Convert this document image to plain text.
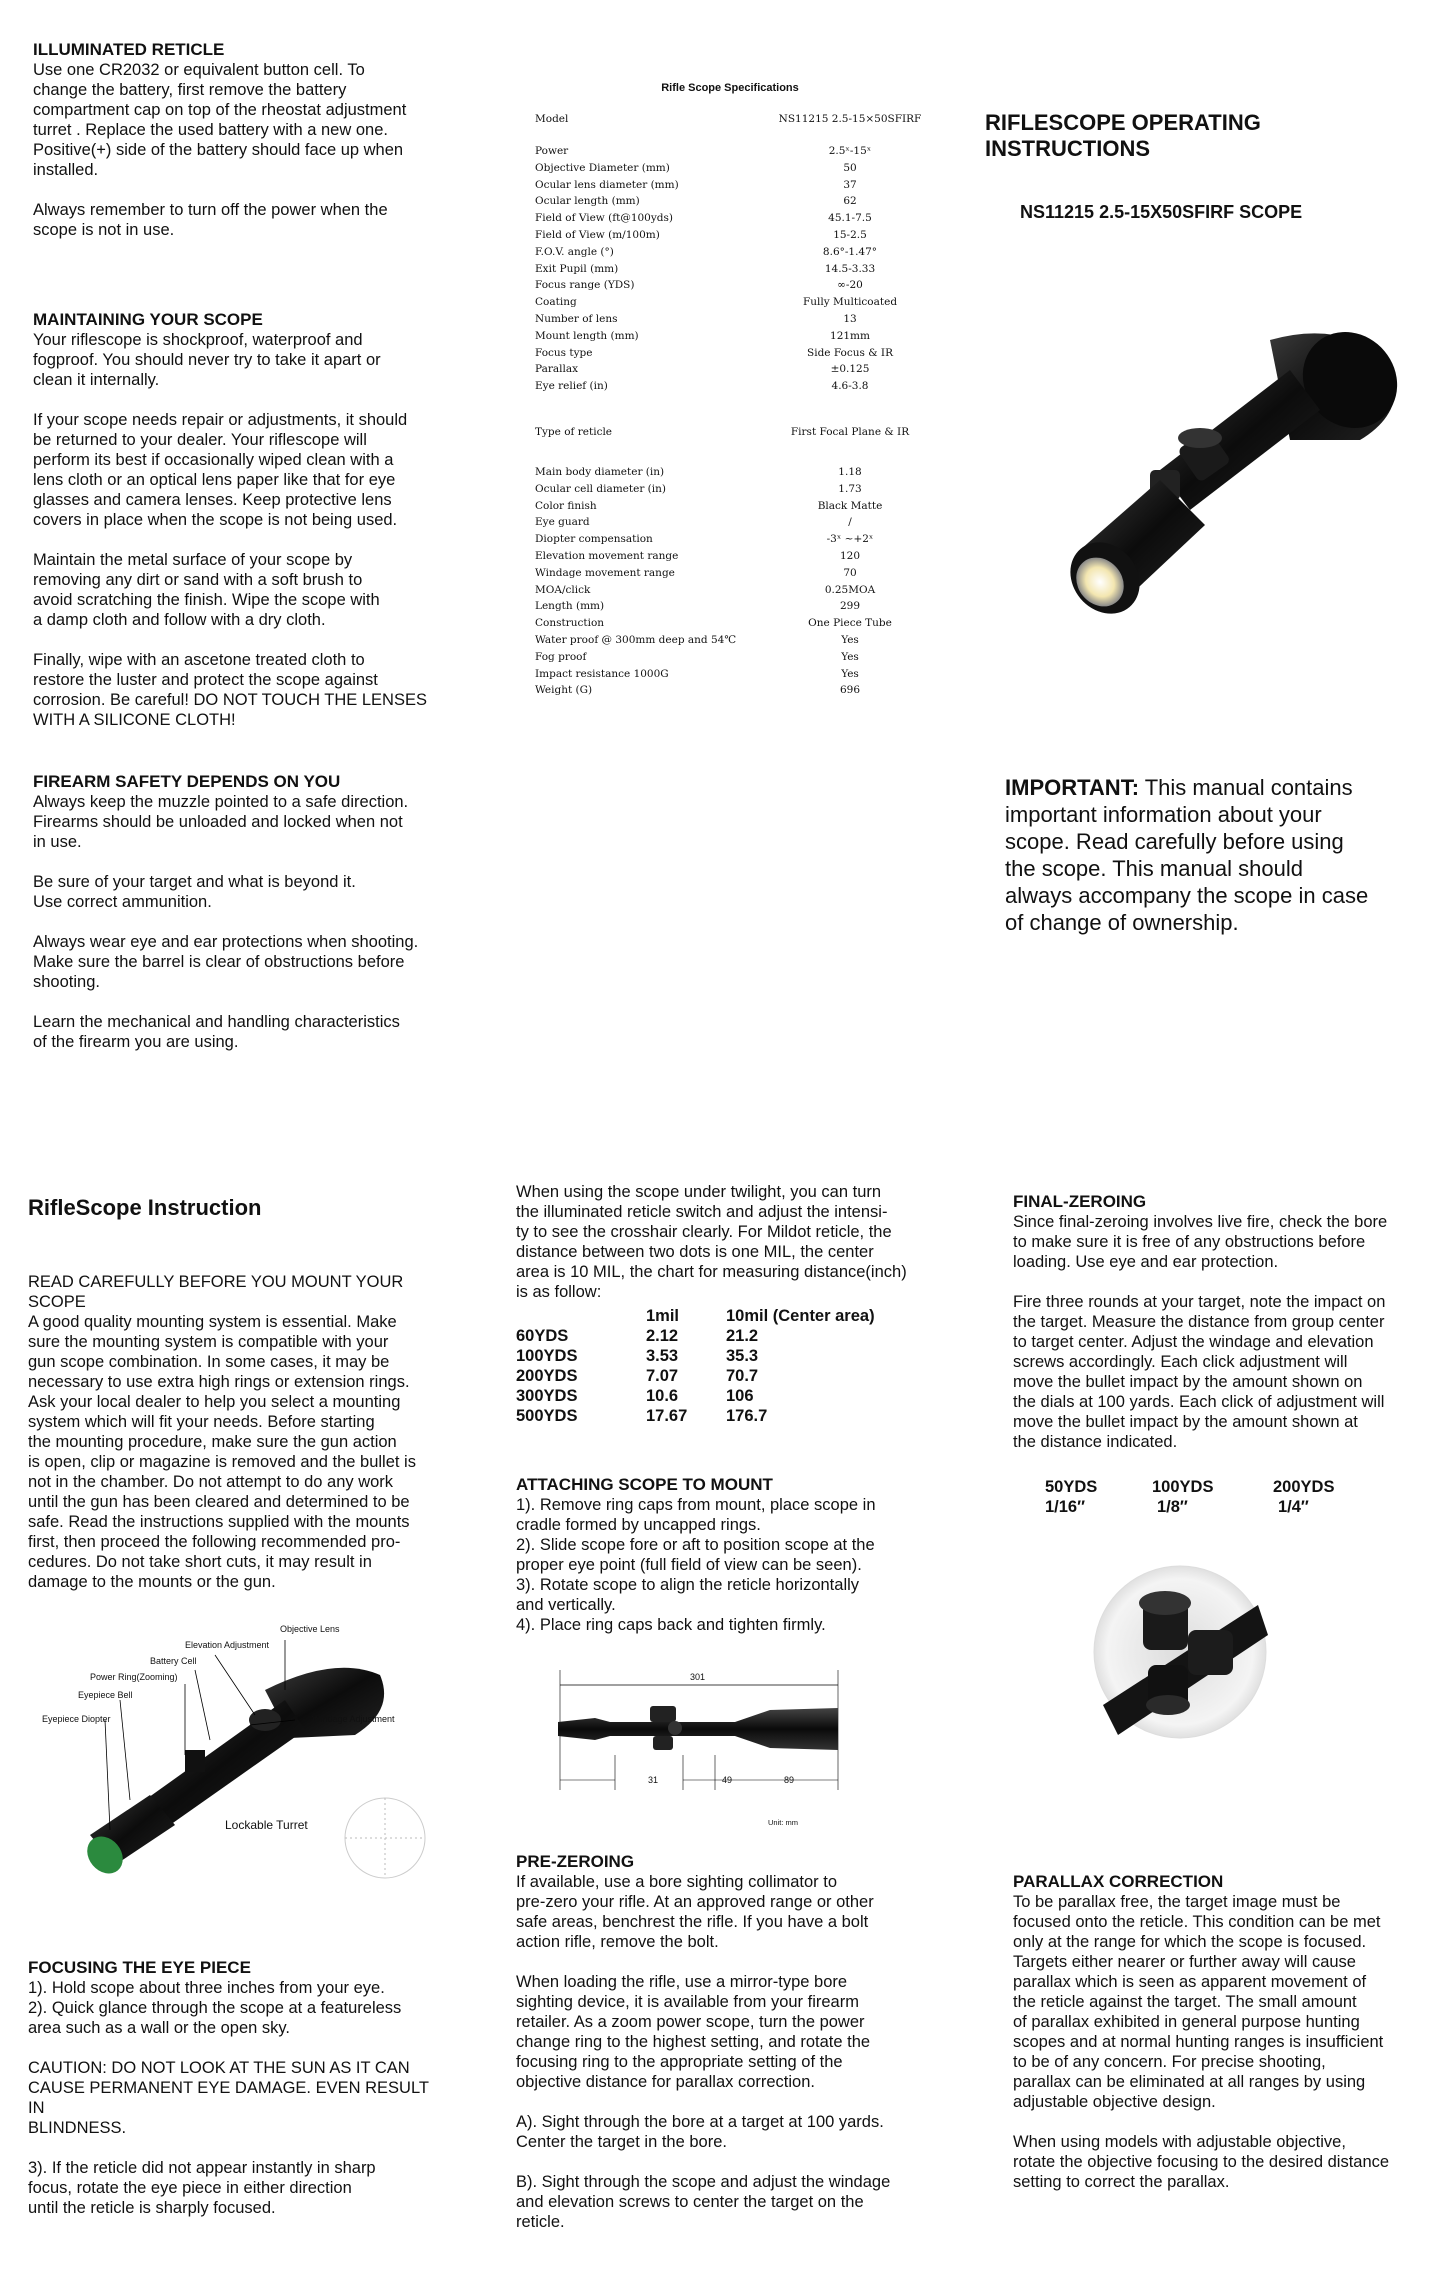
ILLUMINATED RETICLE
Use one CR2032 or equivalent button cell. To
change the battery, first remove the battery
compartment cap on top of the rheostat adjustment
turret . Replace the used battery with a new one.
Positive(+) side of the battery should face up when
installed.
Always remember to turn off the power when the
scope is not in use.
MAINTAINING YOUR SCOPE
Your riflescope is shockproof, waterproof and
fogproof. You should never try to take it apart or
clean it internally.
If your scope needs repair or adjustments, it should
be returned to your dealer. Your riflescope will
perform its best if occasionally wiped clean with a
lens cloth or an optical lens paper like that for eye
glasses and camera lenses. Keep protective lens
covers in place when the scope is not being used.
Maintain the metal surface of your scope by
removing any dirt or sand with a soft brush to
avoid scratching the finish. Wipe the scope with
a damp cloth and follow with a dry cloth.
Finally, wipe with an ascetone treated cloth to
restore the luster and protect the scope against
corrosion. Be careful! DO NOT TOUCH THE LENSES
WITH A SILICONE CLOTH!
FIREARM SAFETY DEPENDS ON YOU
Always keep the muzzle pointed to a safe direction.
Firearms should be unloaded and locked when not
in use.
Be sure of your target and what is beyond it.
Use correct ammunition.
Always wear eye and ear protections when shooting.
Make sure the barrel is clear of obstructions before
shooting.
Learn the mechanical and handling characteristics
of the firearm you are using.
Rifle Scope Specifications
Model	NS11215 2.5-15×50SFIRF
Power	2.5ˣ-15ˣ
Objective Diameter (mm)	50
Ocular lens diameter (mm)	37
Ocular length (mm)	62
Field of View (ft@100yds)	45.1-7.5
Field of View (m/100m)	15-2.5
F.O.V. angle (°)	8.6°-1.47°
Exit Pupil (mm)	14.5-3.33
Focus range (YDS)	∞-20
Coating	Fully Multicoated
Number of lens	13
Mount length (mm)	121mm
Focus type	Side Focus & IR
Parallax	±0.125
Eye relief (in)	4.6-3.8
Type of reticle	First Focal Plane & IR
Main body diameter (in)	1.18
Ocular cell diameter (in)	1.73
Color finish	Black Matte
Eye guard	/
Diopter compensation	-3ˣ ~+2ˣ
Elevation movement range	120
Windage movement range	70
MOA/click	0.25MOA
Length (mm)	299
Construction	One Piece Tube
Water proof @ 300mm deep and 54℃	Yes
Fog proof	Yes
Impact resistance 1000G	Yes
Weight (G)	696
RIFLESCOPE OPERATING INSTRUCTIONS
NS11215 2.5-15X50SFIRF SCOPE
IMPORTANT: This manual contains
important information about your
scope. Read carefully before using
the scope. This manual should
always accompany the scope in case
of change of ownership.
RifleScope Instruction
READ CAREFULLY BEFORE YOU MOUNT YOUR SCOPE
A good quality mounting system is essential. Make
sure the mounting system is compatible with your
gun scope combination. In some cases, it may be
necessary to use extra high rings or extension rings.
Ask your local dealer to help you select a mounting
system which will fit your needs. Before starting
the mounting procedure, make sure the gun action
is open, clip or magazine is removed and the bullet is
not in the chamber. Do not attempt to do any work
until the gun has been cleared and determined to be
safe. Read the instructions supplied with the mounts
first, then proceed the following recommended pro-
cedures. Do not take short cuts, it may result in
damage to the mounts or the gun.
Objective Lens
Elevation Adjustment
Battery Cell
Power Ring(Zooming)
Eyepiece Bell
Eyepiece Diopter	Windage Adjustment
Lockable Turret
FOCUSING THE EYE PIECE
1). Hold scope about three inches from your eye.
2). Quick glance through the scope at a featureless
area such as a wall or the open sky.
CAUTION: DO NOT LOOK AT THE SUN AS IT CAN
CAUSE PERMANENT EYE DAMAGE. EVEN RESULT IN
BLINDNESS.
3). If the reticle did not appear instantly in sharp
focus, rotate the eye piece in either direction
until the reticle is sharply focused.
When using the scope under twilight, you can turn
the illuminated reticle switch and adjust the intensi-
ty to see the crosshair clearly. For Mildot reticle, the
distance between two dots is one MIL, the center
area is 10 MIL, the chart for measuring distance(inch)
is as follow:
	1mil	10mil (Center area)
60YDS	2.12	21.2
100YDS	3.53	35.3
200YDS	7.07	70.7
300YDS	10.6	106
500YDS	17.67	176.7
ATTACHING SCOPE TO MOUNT
1). Remove ring caps from mount, place scope in
cradle formed by uncapped rings.
2). Slide scope fore or aft to position scope at the
proper eye point (full field of view can be seen).
3). Rotate scope to align the reticle horizontally
and vertically.
4). Place ring caps back and tighten firmly.
301
31	49	89
Unit: mm
PRE-ZEROING
If available, use a bore sighting collimator to
pre-zero your rifle. At an approved range or other
safe areas, benchrest the rifle. If you have a bolt
action rifle, remove the bolt.
When loading the rifle, use a mirror-type bore
sighting device, it is available from your firearm
retailer. As a zoom power scope, turn the power
change ring to the highest setting, and rotate the
focusing ring to the appropriate setting of the
objective distance for parallax correction.
A). Sight through the bore at a target at 100 yards.
Center the target in the bore.
B). Sight through the scope and adjust the windage
and elevation screws to center the target on the
reticle.
FINAL-ZEROING
Since final-zeroing involves live fire, check the bore
to make sure it is free of any obstructions before
loading. Use eye and ear protection.
Fire three rounds at your target, note the impact on
the target. Measure the distance from group center
to target center. Adjust the windage and elevation
screws accordingly. Each click adjustment will
move the bullet impact by the amount shown on
the dials at 100 yards. Each click of adjustment will
move the bullet impact by the amount shown at
the distance indicated.
50YDS	100YDS	200YDS
1/16″	1/8″	1/4″
PARALLAX CORRECTION
To be parallax free, the target image must be
focused onto the reticle. This condition can be met
only at the range for which the scope is focused.
Targets either nearer or further away will cause
parallax which is seen as apparent movement of
the reticle against the target. The small amount
of parallax exhibited in general purpose hunting
scopes and at normal hunting ranges is insufficient
to be of any concern. For precise shooting,
parallax can be eliminated at all ranges by using
adjustable objective design.
When using models with adjustable objective,
rotate the objective focusing to the desired distance
setting to correct the parallax.
